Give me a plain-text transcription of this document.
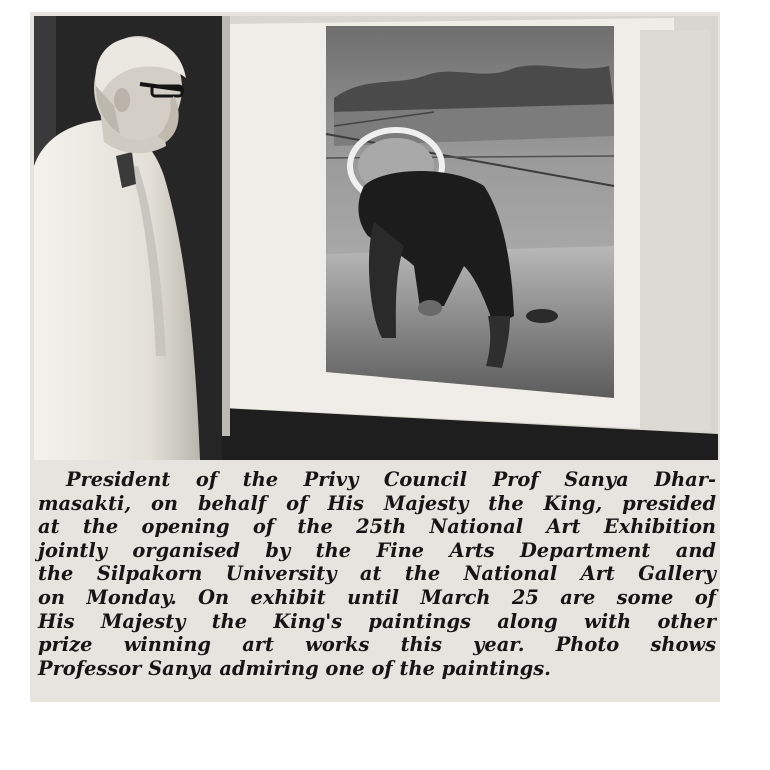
President of the Privy Council Prof Sanya Dhar-
masakti, on behalf of His Majesty the King, presided
at the opening of the 25th National Art Exhibition
jointly organised by the Fine Arts Department and
the Silpakorn University at the National Art Gallery
on Monday. On exhibit until March 25 are some of
His Majesty the King's paintings along with other
prize winning art works this year. Photo shows
Professor Sanya admiring one of the paintings.
